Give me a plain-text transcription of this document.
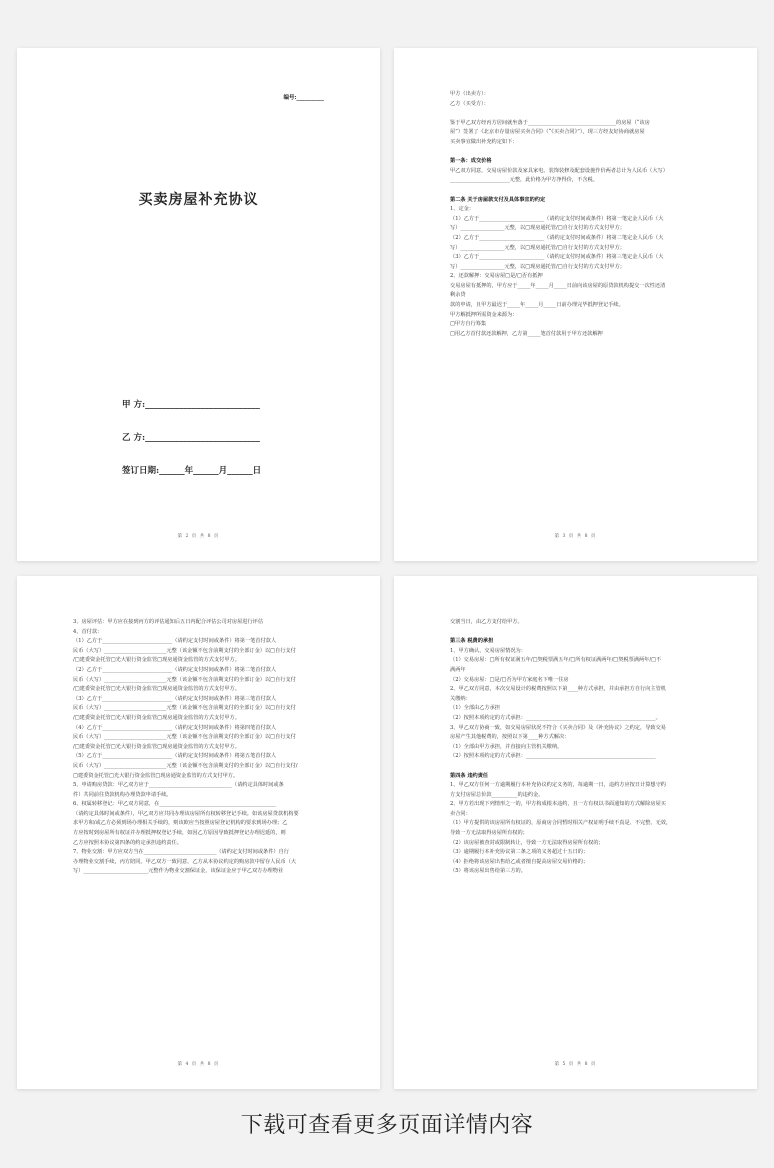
编号:__________
买卖房屋补充协议
甲 方:___________________________
乙 方:___________________________
签订日期:______年______月______日
第 2 页 共 8 页
甲方（出卖方）：
乙方（买受方）：
鉴于甲乙双方经丙方居间就坐落于__________________________________的房屋（“该房
屋”）签署了《北京市存量房屋买卖合同》（“《买卖合同》”），现三方经友好协商就房屋
买卖事宜做出补充约定如下：
第一条：成交价格
甲乙双方同意，交易房屋价款及家具家电、装饰装修及配套设施作价两者总计为人民币（大写）
_______________________元整，此价格为甲方净得价，不含税。
第二条 关于房屋款支付及具体事宜的约定
1、定金：
（1）乙方于_________________________（请约定支付时间或条件）将第一笔定金人民币（大
写）_________________元整，以□现房通托管/□自行支付的方式支付甲方；
（2）乙方于_________________________（请约定支付时间或条件）将第二笔定金人民币（大
写）_________________元整，以□现房通托管/□自行支付的方式支付甲方；
（3）乙方于_________________________（请约定支付时间或条件）将第三笔定金人民币（大
写）_________________元整，以□现房通托管/□自行支付的方式支付甲方；
2、还款解押：交易房屋□是/□否有抵押
交易房屋有抵押的，甲方应于_____年_____月_____日前向该房屋的原贷款机构提交一次性还清
剩余贷
款的申请，且甲方最迟于_____年_____月_____日前办理完毕抵押登记手续。
甲方解抵押所需资金来源为：
□甲方自行筹集
□用乙方首付款还款解押，乙方第_____笔首付款用于甲方还款解押
第 3 页 共 8 页
3、房屋评估：甲方应在接到丙方的评估通知后五日内配合评估公司对房屋进行评估
4、首付款：
（1）乙方于___________________________（请约定支付时间或条件）将第一笔首付款人
民币（大写）________________________元整（该金额不包含前期支付的全部订金）以□自行支付
/□建委资金托管□光大银行资金监管□现房通资金监管的方式支付甲方。
（2）乙方于___________________________（请约定支付时间或条件）将第二笔首付款人
民币（大写）________________________元整（该金额不包含前期支付的全部订金）以□自行支付
/□建委资金托管□光大银行资金监管□现房通资金监管的方式支付甲方。
（3）乙方于___________________________（请约定支付时间或条件）将第三笔首付款人
民币（大写）________________________元整（该金额不包含前期支付的全部订金）以□自行支付
/□建委资金托管□光大银行资金监管□现房通资金监管的方式支付甲方。
（4）乙方于___________________________（请约定支付时间或条件）将第四笔首付款人
民币（大写）________________________元整（该金额不包含前期支付的全部订金）以□自行支付
/□建委资金托管□光大银行资金监管□现房通资金监管的方式支付甲方。
（5）乙方于___________________________（请约定支付时间或条件）将第五笔首付款人
民币（大写）________________________元整（该金额不包含前期支付的全部订金）以□自行支付/
□建委资金托管□光大银行资金监管□现房通资金监管的方式支付甲方。
5、申请购房贷款：甲乙双方应于________________________________（请约定具体时间或条
件）共同前往贷款机构办理贷款申请手续。
6、权属转移登记：甲乙双方同意，在_____________________________________________
（请约定具体时间或条件），甲乙双方应共同办理该房屋所有权转移登记手续。如该房屋贷款机构要
求甲方和/或乙方必须到场办理相关手续的，则该欧应当按照房屋登记机构的要求到场办理；乙
方应按时到房屋所有权证并办理抵押权登记手续，如因乙方原因导致抵押登记办理迟延的，则
乙方应按照本协议第四条的约定承担违约责任。
7、物业交割：甲方应双方当在____________________________（请约定支付时间或条件）自行
办理物业交割手续，丙方陪同。甲乙双方一致同意，乙方从本协议约定的购房款中留存人民币（大
写）_________________________元整作为物业交割保证金，该保证金应于甲乙双方办理物业
第 4 页 共 8 页
交割当日，由乙方支付给甲方。
第三条 税费的承担
1、甲方确认，交易房屋情况为：
（1）交易房屋：□所有权证满五年/□契税票满五年/□所有权证满两年/□契税票满两年/□不
满两年
（2）交易房屋：□是/□否为甲方家庭名下唯一住房
2、甲乙双方同意，本次交易设计的税费按照以下第____种方式承担，并由承担方自行向主管机
关缴纳：
（1）全部由乙方承担
（2）按照本项约定的方式承担：__________________________________________________。
3、甲乙双方协商一致，如交易房屋状况不符合《买卖合同》及《补充协议》之约定，导致交易
房屋产生其他税费的，按照以下第____种方式解决：
（1）全部由甲方承担，并直接向主管机关缴纳。
（2）按照本项约定的方式承担：__________________________________________________
第四条 违约责任
1、甲乙双方任何一方逾期履行本补充协议约定义务的，每逾期一日，违约方应按日计算想守约
方支付房屋总价款__________的违约金。
2、甲方若出现下列情形之一的，甲方构成根本违约，且一方有权以书面通知的方式解除房屋买
卖合同：
（1）甲方提供的该房屋所有权证的，原商房合同暂时相关产权证明手续不真是、不完整、无效，
导致一方无法取得房屋所有权的；
（2）该房屋被查封或限制转让，导致一方无法取得房屋所有权的；
（3）逾期履行本补充协议第二条之项的义务超过十五日的；
（4）拒绝将该房屋出售给乙或者擅自提高房屋交易价格的；
（5）将该房屋出售给第三方的。
第 5 页 共 8 页
下载可查看更多页面详情内容
